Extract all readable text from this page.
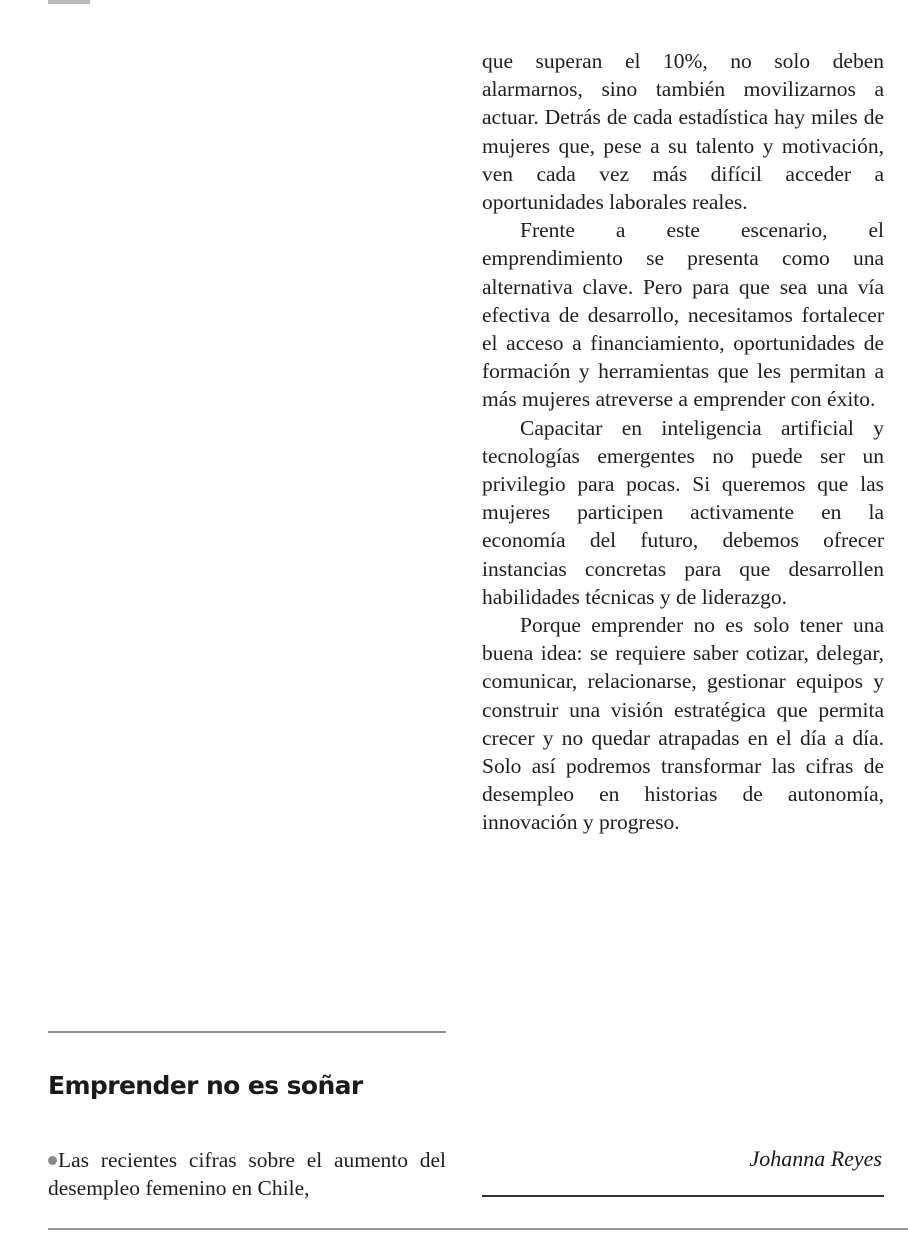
Emprender no es soñar

Las recientes cifras sobre el aumento del desempleo femenino en Chile,

que superan el 10%, no solo deben alarmarnos, sino también movilizarnos a actuar. Detrás de cada estadística hay miles de mujeres que, pese a su talento y motivación, ven cada vez más difícil acceder a oportunidades laborales reales.

Frente a este escenario, el emprendimiento se presenta como una alternativa clave. Pero para que sea una vía efectiva de desarrollo, necesitamos fortalecer el acceso a financiamiento, oportunidades de formación y herramientas que les permitan a más mujeres atreverse a emprender con éxito.

Capacitar en inteligencia artificial y tecnologías emergentes no puede ser un privilegio para pocas. Si queremos que las mujeres participen activamente en la economía del futuro, debemos ofrecer instancias concretas para que desarrollen habilidades técnicas y de liderazgo.

Porque emprender no es solo tener una buena idea: se requiere saber cotizar, delegar, comunicar, relacionarse, gestionar equipos y construir una visión estratégica que permita crecer y no quedar atrapadas en el día a día. Solo así podremos transformar las cifras de desempleo en historias de autonomía, innovación y progreso.

Johanna Reyes
